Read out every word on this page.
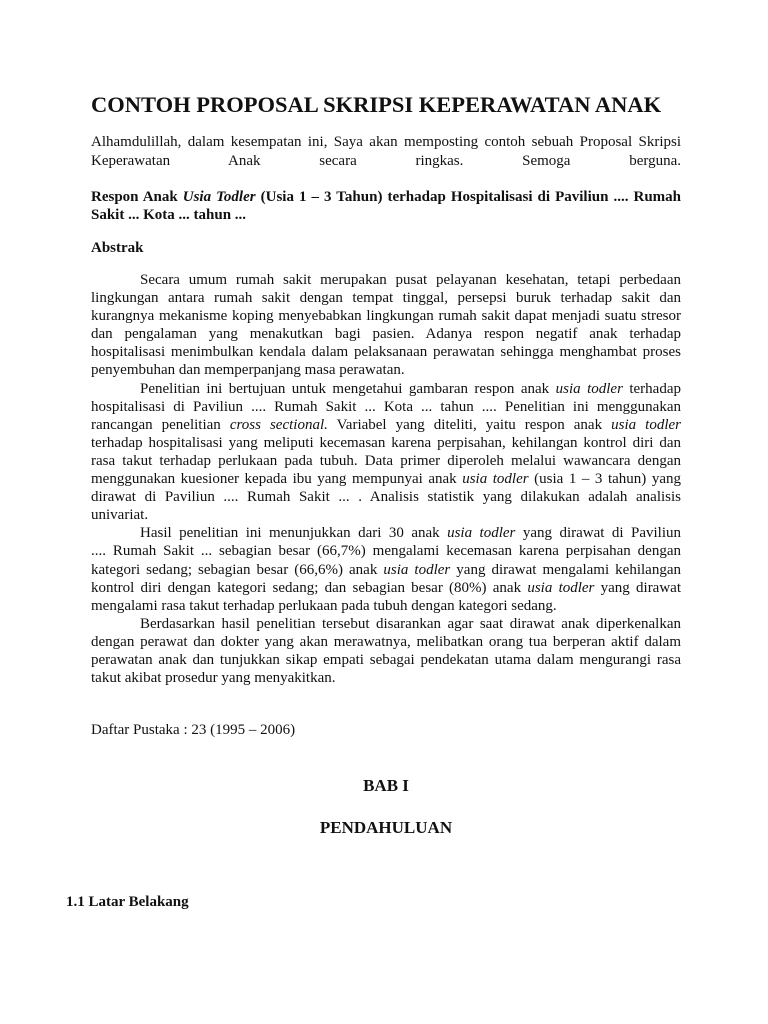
CONTOH PROPOSAL SKRIPSI KEPERAWATAN ANAK
Alhamdulillah, dalam kesempatan ini, Saya akan memposting contoh sebuah Proposal Skripsi
Keperawatan Anak secara ringkas. Semoga berguna.
Respon Anak Usia Todler (Usia 1 – 3 Tahun) terhadap Hospitalisasi di Paviliun .... Rumah
Sakit ... Kota ... tahun ...
Abstrak
Secara umum rumah sakit merupakan pusat pelayanan kesehatan, tetapi perbedaan
lingkungan antara rumah sakit dengan tempat tinggal, persepsi buruk terhadap sakit dan
kurangnya mekanisme koping menyebabkan lingkungan rumah sakit dapat menjadi suatu stresor
dan pengalaman yang menakutkan bagi pasien. Adanya respon negatif anak terhadap
hospitalisasi menimbulkan kendala dalam pelaksanaan perawatan sehingga menghambat proses
penyembuhan dan memperpanjang masa perawatan.
Penelitian ini bertujuan untuk mengetahui gambaran respon anak usia todler terhadap
hospitalisasi di Paviliun .... Rumah Sakit ... Kota ... tahun .... Penelitian ini menggunakan
rancangan penelitian cross sectional. Variabel yang diteliti, yaitu respon anak usia todler
terhadap hospitalisasi yang meliputi kecemasan karena perpisahan, kehilangan kontrol diri dan
rasa takut terhadap perlukaan pada tubuh. Data primer diperoleh melalui wawancara dengan
menggunakan kuesioner kepada ibu yang mempunyai anak usia todler (usia 1 – 3 tahun) yang
dirawat di Paviliun .... Rumah Sakit ... . Analisis statistik yang dilakukan adalah analisis
univariat.
Hasil penelitian ini menunjukkan dari 30 anak usia todler yang dirawat di Paviliun
.... Rumah Sakit ... sebagian besar (66,7%) mengalami kecemasan karena perpisahan dengan
kategori sedang; sebagian besar (66,6%) anak usia todler yang dirawat mengalami kehilangan
kontrol diri dengan kategori sedang; dan sebagian besar (80%) anak usia todler yang dirawat
mengalami rasa takut terhadap perlukaan pada tubuh dengan kategori sedang.
Berdasarkan hasil penelitian tersebut disarankan agar saat dirawat anak diperkenalkan
dengan perawat dan dokter yang akan merawatnya, melibatkan orang tua berperan aktif dalam
perawatan anak dan tunjukkan sikap empati sebagai pendekatan utama dalam mengurangi rasa
takut akibat prosedur yang menyakitkan.
Daftar Pustaka : 23 (1995 – 2006)
BAB I
PENDAHULUAN
1.1 Latar Belakang
